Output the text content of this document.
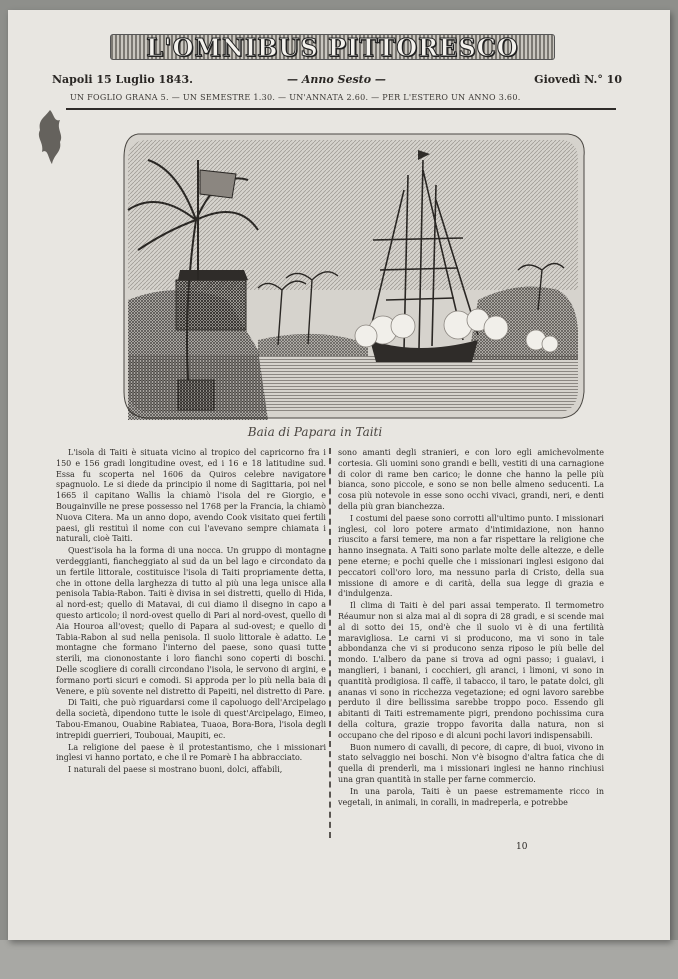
L'OMNIBUS PITTORESCO
Napoli 15 Luglio 1843.	— Anno Sesto —	Giovedì N.° 10
UN FOGLIO GRANA 5. — UN SEMESTRE 1.30. — UN'ANNATA 2.60. — PER L'ESTERO UN ANNO 3.60.
Baia di Papara in Taiti

L'isola di Taiti è situata vicino al tropico del capricorno fra i 150 e 156 gradi longitudine ovest, ed i 16 e 18 latitudine sud. Essa fu scoperta nel 1606 da Quiros celebre navigatore spagnuolo. Le si diede da principio il nome di Sagittaria, poi nel 1665 il capitano Wallis la chiamò l'isola del re Giorgio, e Bougainville ne prese possesso nel 1768 per la Francia, la chiamò Nuova Citera. Ma un anno dopo, avendo Cook visitato quei fertili paesi, gli restituì il nome con cui l'avevano sempre chiamata i naturali, cioè Taiti.

Quest'isola ha la forma di una nocca. Un gruppo di montagne verdeggianti, fiancheggiato al sud da un bel lago e circondato da un fertile littorale, costituisce l'isola di Taiti propriamente detta, che in ottone della larghezza di tutto al più una lega unisce alla penisola Tabia-Rabon. Taiti è divisa in sei distretti, quello di Hida, al nord-est; quello di Matavai, di cui diamo il disegno in capo a questo articolo; il nord-ovest quello di Pari al nord-ovest, quello di Aia Houroa all'ovest; quello di Papara al sud-ovest; e quello di Tabia-Rabon al sud nella penisola. Il suolo littorale è adatto. Le montagne che formano l'interno del paese, sono quasi tutte sterili, ma ciononostante i loro fianchi sono coperti di boschi. Delle scogliere di coralli circondano l'isola, le servono di argini, e formano porti sicuri e comodi. Si approda per lo più nella baia di Venere, e più sovente nel distretto di Papeiti, nel distretto di Pare.

Di Taiti, che può riguardarsi come il capoluogo dell'Arcipelago della società, dipendono tutte le isole di quest'Arcipelago, Eimeo, Tabou-Emanou, Ouabine Rabiatea, Tuaoa, Bora-Bora, l'isola degli intrepidi guerrieri, Toubouai, Maupiti, ec.

La religione del paese è il protestantismo, che i missionari inglesi vi hanno portato, e che il re Pomarè I ha abbracciato.

I naturali del paese si mostrano buoni, dolci, affabili,

sono amanti degli stranieri, e con loro egli amichevolmente cortesia. Gli uomini sono grandi e belli, vestiti di una carnagione di color di rame ben carico; le donne che hanno la pelle più bianca, sono piccole, e sono se non belle almeno seducenti. La cosa più notevole in esse sono occhi vivaci, grandi, neri, e denti della più gran bianchezza.

I costumi del paese sono corrotti all'ultimo punto. I missionari inglesi, col loro potere armato d'intimidazione, non hanno riuscito a farsi temere, ma non a far rispettare la religione che hanno insegnata. A Taiti sono parlate molte delle altezze, e delle pene eterne; e pochi quelle che i missionari inglesi esigono dai peccatori coll'oro loro, ma nessuno parla di Cristo, della sua missione di amore e di carità, della sua legge di grazia e d'indulgenza.

Il clima di Taiti è del pari assai temperato. Il termometro Réaumur non si alza mai al di sopra di 28 gradi, e si scende mai al di sotto dei 15, ond'è che il suolo vi è di una fertilità maravigliosa. Le carni vi si producono, ma vi sono in tale abbondanza che vi si producono senza riposo le più belle del mondo. L'albero da pane si trova ad ogni passo; i guaiavi, i manglieri, i banani, i cocchieri, gli aranci, i limoni, vi sono in quantità prodigiosa. Il caffè, il tabacco, il taro, le patate dolci, gli ananas vi sono in ricchezza vegetazione; ed ogni lavoro sarebbe perduto il dire bellissima sarebbe troppo poco. Essendo gli abitanti di Taiti estremamente pigri, prendono pochissima cura della coltura, grazie troppo favorita dalla natura, non si occupano che del riposo e di alcuni pochi lavori indispensabili.

Buon numero di cavalli, di pecore, di capre, di buoi, vivono in stato selvaggio nei boschi. Non v'è bisogno d'altra fatica che di quella di prenderli, ma i missionari inglesi ne hanno rinchiusi una gran quantità in stalle per farne commercio.

In una parola, Taiti è un paese estremamente ricco in vegetali, in animali, in coralli, in madreperla, e potrebbe

10
